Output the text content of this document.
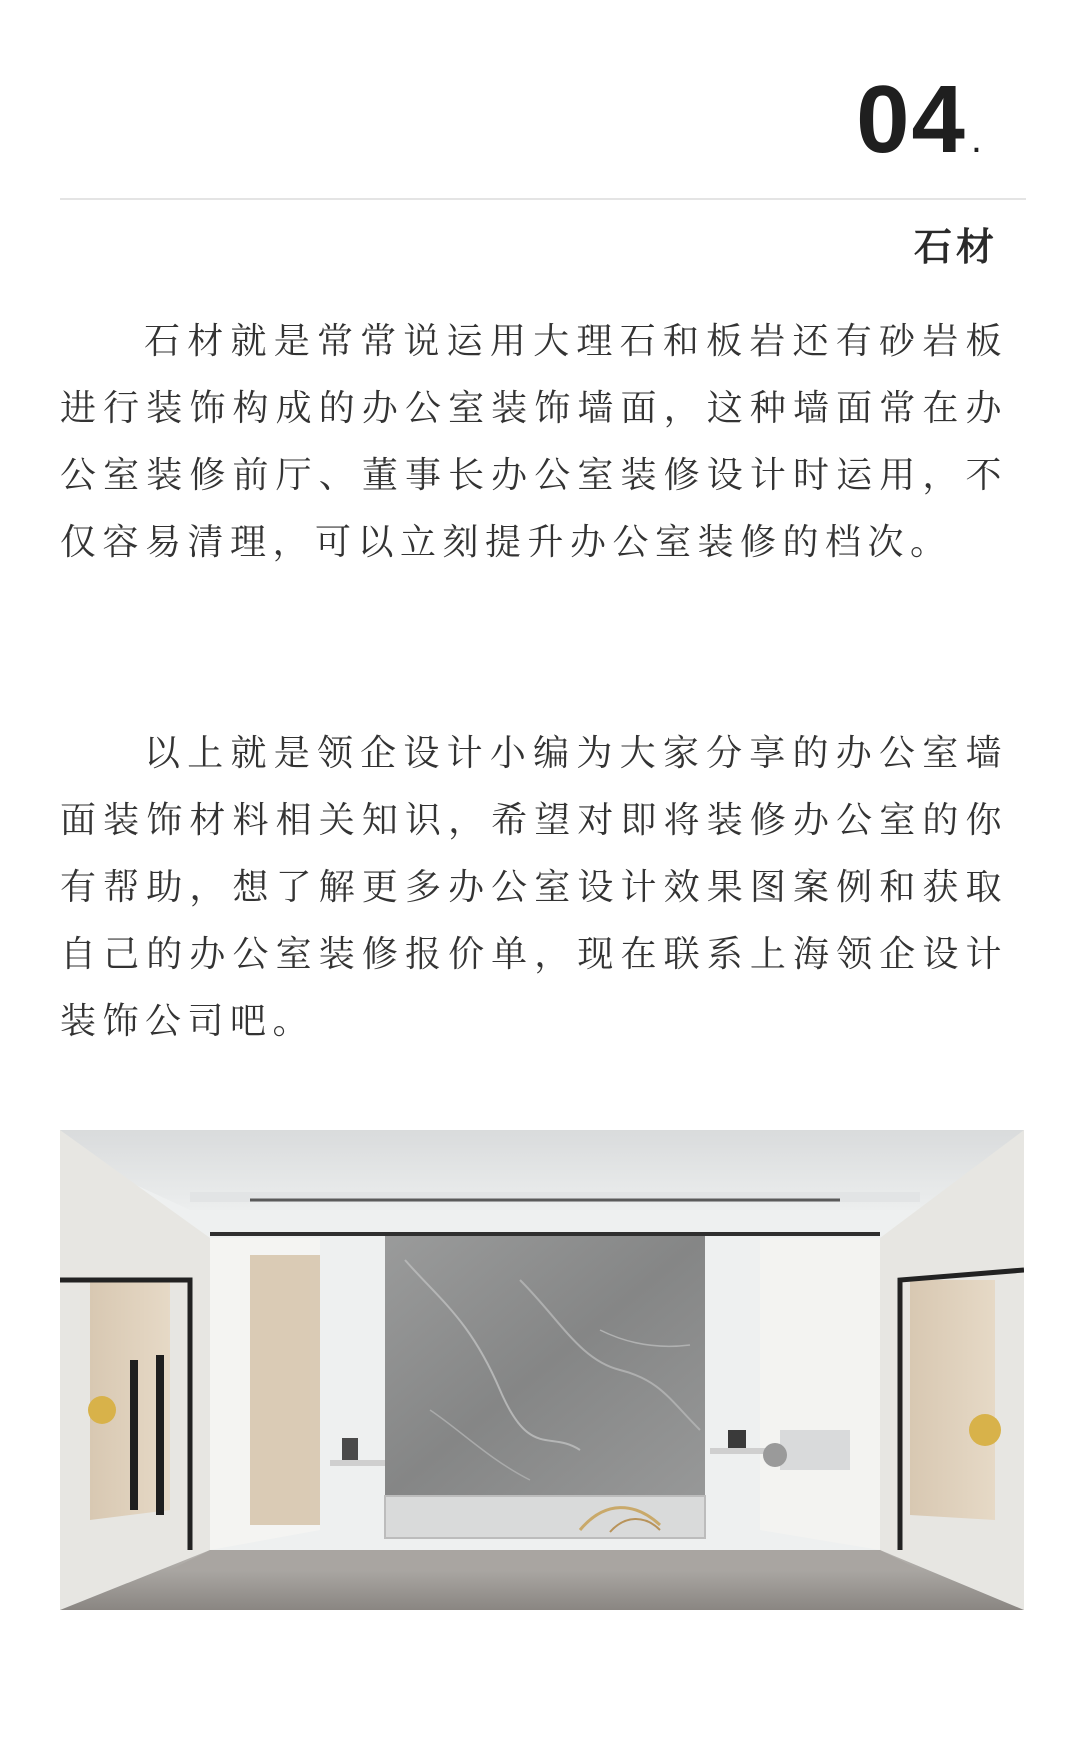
04 .
石材

石材就是常常说运用大理石和板岩还有砂岩板进行装饰构成的办公室装饰墙面，这种墙面常在办公室装修前厅、董事长办公室装修设计时运用，不仅容易清理，可以立刻提升办公室装修的档次。

以上就是领企设计小编为大家分享的办公室墙面装饰材料相关知识，希望对即将装修办公室的你有帮助，想了解更多办公室设计效果图案例和获取自己的办公室装修报价单，现在联系上海领企设计装饰公司吧。
